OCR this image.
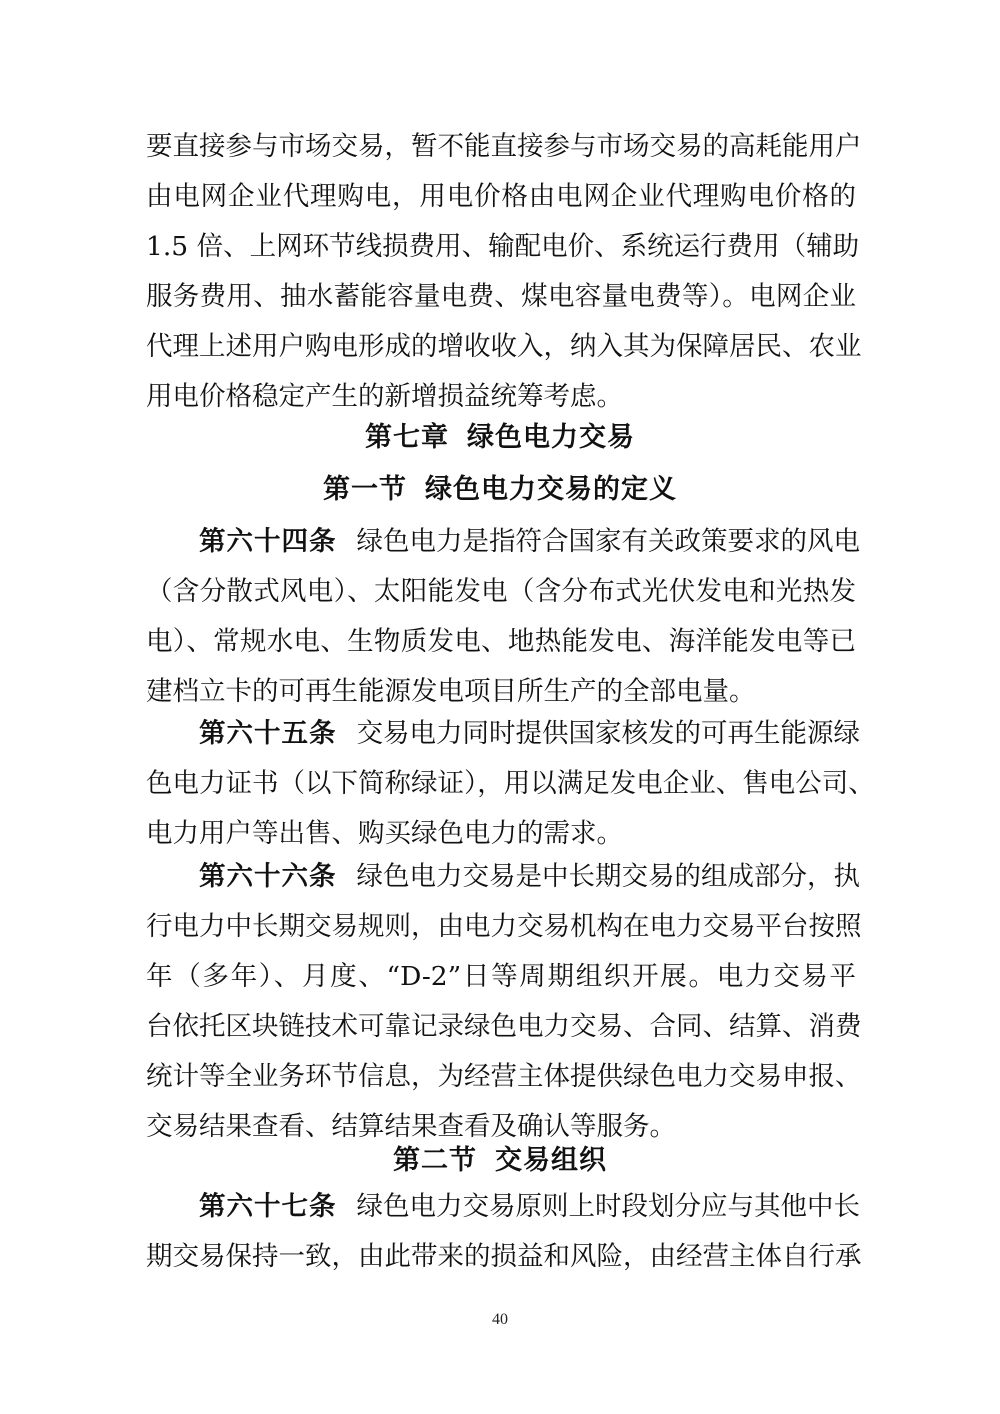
要直接参与市场交易，暂不能直接参与市场交易的高耗能用户
由电网企业代理购电，用电价格由电网企业代理购电价格的
1.5 倍、上网环节线损费用、输配电价、系统运行费用（辅助
服务费用、抽水蓄能容量电费、煤电容量电费等）。电网企业
代理上述用户购电形成的增收收入，纳入其为保障居民、农业
用电价格稳定产生的新增损益统筹考虑。
第七章 绿色电力交易
第一节 绿色电力交易的定义
第六十四条 绿色电力是指符合国家有关政策要求的风电
（含分散式风电）、太阳能发电（含分布式光伏发电和光热发
电）、常规水电、生物质发电、地热能发电、海洋能发电等已
建档立卡的可再生能源发电项目所生产的全部电量。
第六十五条 交易电力同时提供国家核发的可再生能源绿
色电力证书（以下简称绿证），用以满足发电企业、售电公司、
电力用户等出售、购买绿色电力的需求。
第六十六条 绿色电力交易是中长期交易的组成部分，执
行电力中长期交易规则，由电力交易机构在电力交易平台按照
年（多年）、月度、“D-2”日等周期组织开展。电力交易平
台依托区块链技术可靠记录绿色电力交易、合同、结算、消费
统计等全业务环节信息，为经营主体提供绿色电力交易申报、
交易结果查看、结算结果查看及确认等服务。
第二节 交易组织
第六十七条 绿色电力交易原则上时段划分应与其他中长
期交易保持一致，由此带来的损益和风险，由经营主体自行承
40
